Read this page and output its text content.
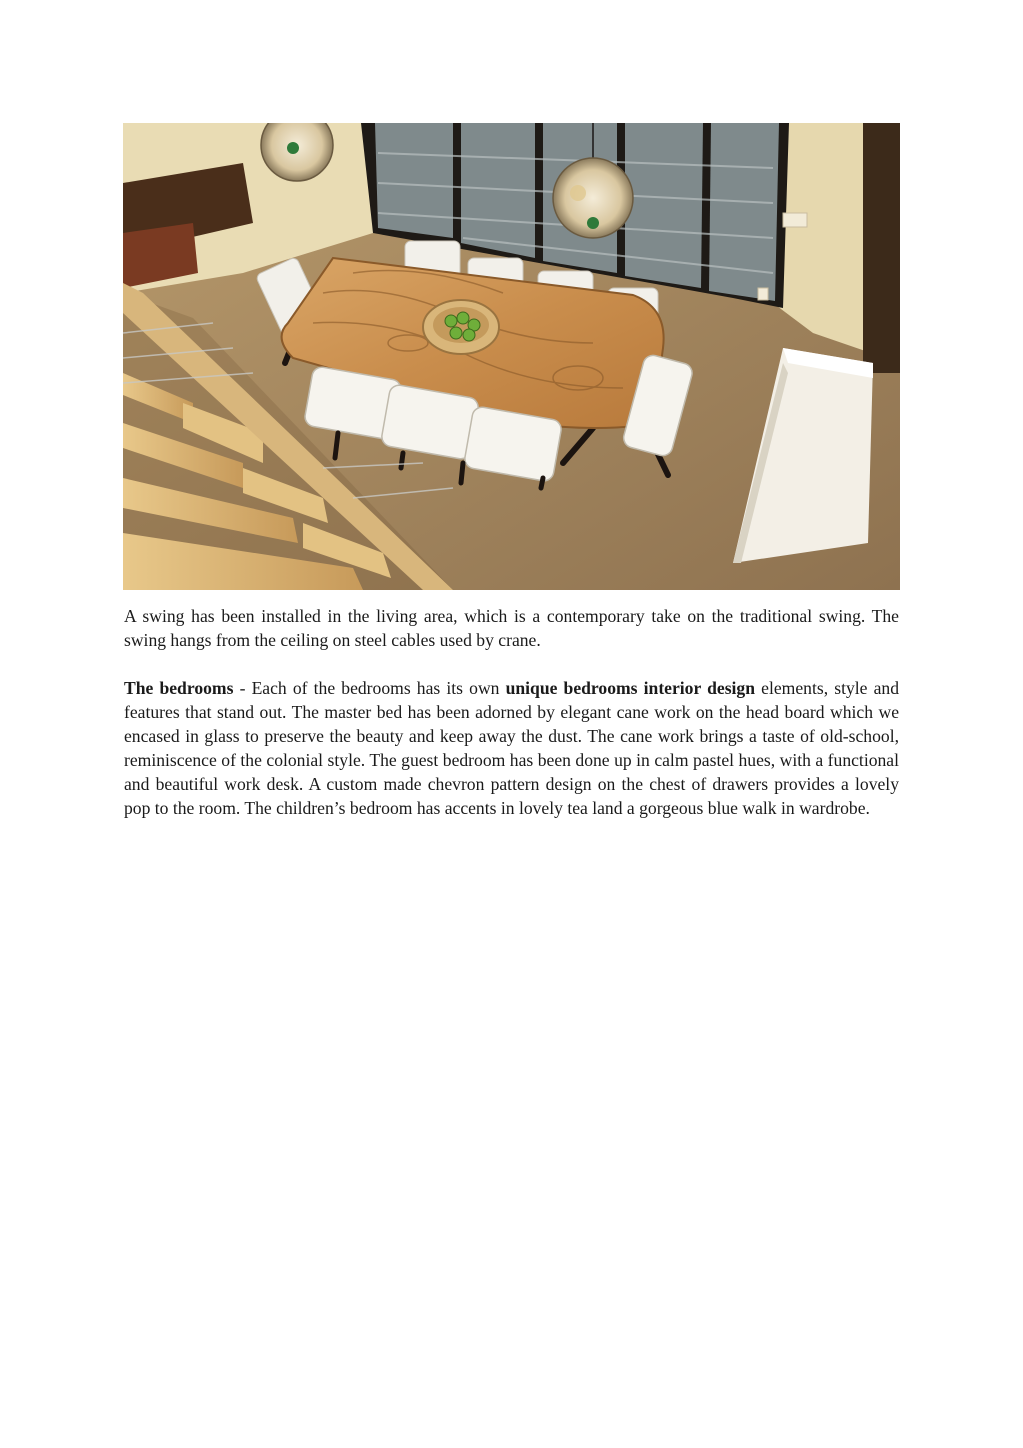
A swing has been installed in the living area, which is a contemporary take on the traditional swing. The swing hangs from the ceiling on steel cables used by crane.

The bedrooms - Each of the bedrooms has its own unique bedrooms interior design elements, style and features that stand out. The master bed has been adorned by elegant cane work on the head board which we encased in glass to preserve the beauty and keep away the dust. The cane work brings a taste of old-school, reminiscence of the colonial style. The guest bedroom has been done up in calm pastel hues, with a functional and beautiful work desk. A custom made chevron pattern design on the chest of drawers provides a lovely pop to the room. The children’s bedroom has accents in lovely tea land a gorgeous blue walk in wardrobe.
